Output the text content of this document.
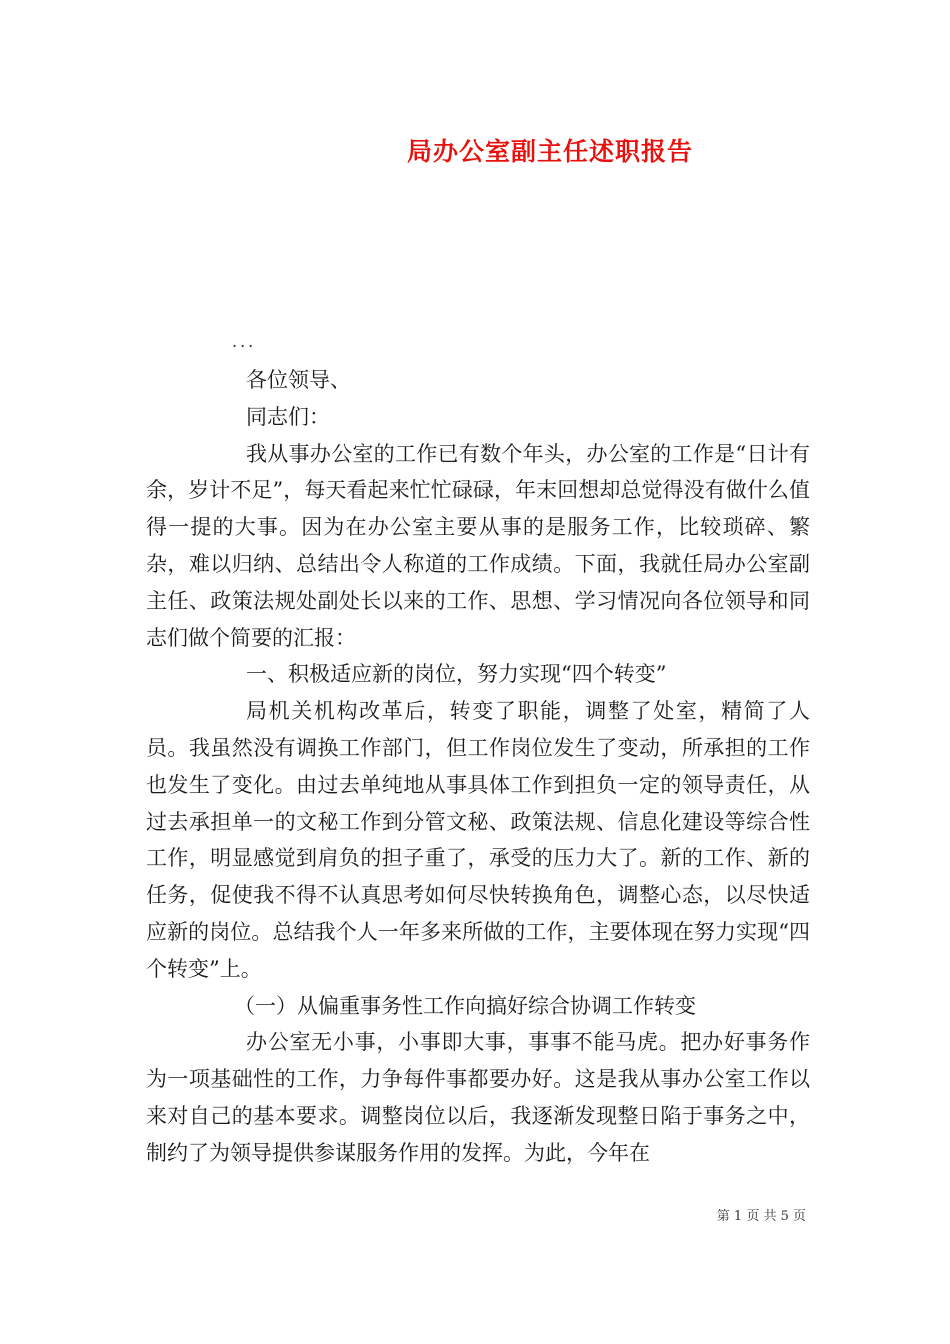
局办公室副主任述职报告
...

各位领导、

同志们：

我从事办公室的工作已有数个年头，办公室的工作是“日计有余，岁计不足”，每天看起来忙忙碌碌，年末回想却总觉得没有做什么值得一提的大事。因为在办公室主要从事的是服务工作，比较琐碎、繁杂，难以归纳、总结出令人称道的工作成绩。下面，我就任局办公室副主任、政策法规处副处长以来的工作、思想、学习情况向各位领导和同志们做个简要的汇报：

一、积极适应新的岗位，努力实现“四个转变”

局机关机构改革后，转变了职能，调整了处室，精简了人员。我虽然没有调换工作部门，但工作岗位发生了变动，所承担的工作也发生了变化。由过去单纯地从事具体工作到担负一定的领导责任，从过去承担单一的文秘工作到分管文秘、政策法规、信息化建设等综合性工作，明显感觉到肩负的担子重了，承受的压力大了。新的工作、新的任务，促使我不得不认真思考如何尽快转换角色，调整心态，以尽快适应新的岗位。总结我个人一年多来所做的工作，主要体现在努力实现“四个转变”上。

（一）从偏重事务性工作向搞好综合协调工作转变

办公室无小事，小事即大事，事事不能马虎。把办好事务作为一项基础性的工作，力争每件事都要办好。这是我从事办公室工作以来对自己的基本要求。调整岗位以后，我逐渐发现整日陷于事务之中，制约了为领导提供参谋服务作用的发挥。为此，今年在

第 1 页 共 5 页
